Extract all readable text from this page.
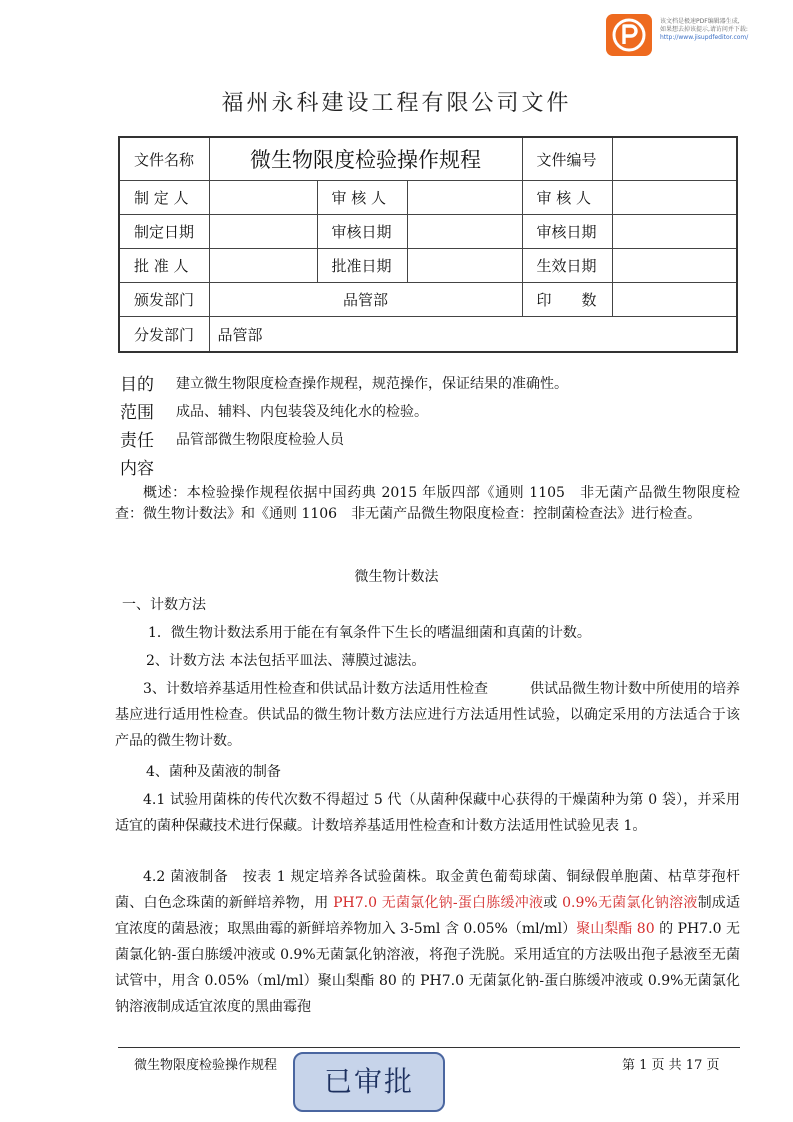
该文档是极速PDF编辑器生成,
如果想去掉该提示,请访问并下载:
http://www.jisupdfeditor.com/
福州永科建设工程有限公司文件
文件名称	微生物限度检验操作规程			文件编号	
制 定 人		审 核 人		审 核 人	
制定日期		审核日期		审核日期	
批 准 人		批准日期		生效日期	
颁发部门	品管部			印　　数	
分发部门	品管部				
目的 建立微生物限度检查操作规程，规范操作，保证结果的准确性。
范围 成品、辅料、内包装袋及纯化水的检验。
责任 品管部微生物限度检验人员
内容
概述：本检验操作规程依据中国药典 2015 年版四部《通则 1105　非无菌产品微生物限度检查：微生物计数法》和《通则 1106　非无菌产品微生物限度检查：控制菌检查法》进行检查。
微生物计数法
一、计数方法
1．微生物计数法系用于能在有氧条件下生长的嗜温细菌和真菌的计数。
2、计数方法 本法包括平皿法、薄膜过滤法。
3、计数培养基适用性检查和供试品计数方法适用性检查　　　供试品微生物计数中所使用的培养基应进行适用性检查。供试品的微生物计数方法应进行方法适用性试验，以确定采用的方法适合于该产品的微生物计数。
4、菌种及菌液的制备
4.1 试验用菌株的传代次数不得超过 5 代（从菌种保藏中心获得的干燥菌种为第 0 袋），并采用适宜的菌种保藏技术进行保藏。计数培养基适用性检查和计数方法适用性试验见表 1。
4.2 菌液制备　按表 1 规定培养各试验菌株。取金黄色葡萄球菌、铜绿假单胞菌、枯草芽孢杆菌、白色念珠菌的新鲜培养物，用 PH7.0 无菌氯化钠-蛋白胨缓冲液或 0.9%无菌氯化钠溶液制成适宜浓度的菌悬液；取黑曲霉的新鲜培养物加入 3-5ml 含 0.05%（ml/ml）聚山梨酯 80 的 PH7.0 无菌氯化钠-蛋白胨缓冲液或 0.9%无菌氯化钠溶液，将孢子洗脱。采用适宜的方法吸出孢子悬液至无菌试管中，用含 0.05%（ml/ml）聚山梨酯 80 的 PH7.0 无菌氯化钠-蛋白胨缓冲液或 0.9%无菌氯化钠溶液制成适宜浓度的黑曲霉孢
微生物限度检验操作规程	第 1 页 共 17 页
已审批
